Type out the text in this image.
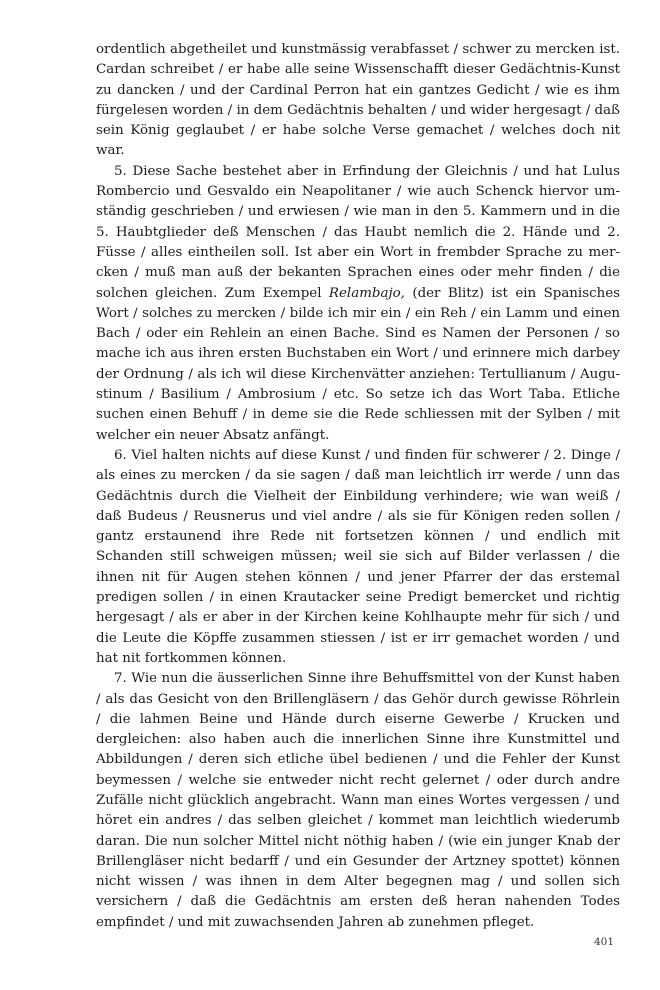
ordentlich abgetheilet und kunstmässig verabfasset / schwer zu mercken ist. Cardan schreibet / er habe alle seine Wissenschafft dieser Gedächtnis-Kunst zu dancken / und der Cardinal Perron hat ein gantzes Gedicht / wie es ihm fürgelesen worden / in dem Gedächtnis behalten / und wider hergesagt / daß sein König geglaubet / er habe solche Verse gemachet / welches doch nit war.

5. Diese Sache bestehet aber in Erfindung der Gleichnis / und hat Lulus Rombercio und Gesvaldo ein Neapolitaner / wie auch Schenck hiervor umständig geschrieben / und erwiesen / wie man in den 5. Kammern und in die 5. Haubtglieder deß Menschen / das Haubt nemlich die 2. Hände und 2. Füsse / alles eintheilen soll. Ist aber ein Wort in frembder Sprache zu mercken / muß man auß der bekanten Sprachen eines oder mehr finden / die solchen gleichen. Zum Exempel Relambajo, (der Blitz) ist ein Spanisches Wort / solches zu mercken / bilde ich mir ein / ein Reh / ein Lamm und einen Bach / oder ein Rehlein an einen Bache. Sind es Namen der Personen / so mache ich aus ihren ersten Buchstaben ein Wort / und erinnere mich darbey der Ordnung / als ich wil diese Kirchenvätter anziehen: Tertullianum / Augustinum / Basilium / Ambrosium / etc. So setze ich das Wort Taba. Etliche suchen einen Behuff / in deme sie die Rede schliessen mit der Sylben / mit welcher ein neuer Absatz anfängt.

6. Viel halten nichts auf diese Kunst / und finden für schwerer / 2. Dinge / als eines zu mercken / da sie sagen / daß man leichtlich irr werde / unn das Gedächtnis durch die Vielheit der Einbildung verhindere; wie wan weiß / daß Budeus / Reusnerus und viel andre / als sie für Königen reden sollen / gantz erstaunend ihre Rede nit fortsetzen können / und endlich mit Schanden still schweigen müssen; weil sie sich auf Bilder verlassen / die ihnen nit für Augen stehen können / und jener Pfarrer der das erstemal predigen sollen / in einen Krautacker seine Predigt bemercket und richtig hergesagt / als er aber in der Kirchen keine Kohlhaupte mehr für sich / und die Leute die Köpffe zusammen stiessen / ist er irr gemachet worden / und hat nit fortkommen können.

7. Wie nun die äusserlichen Sinne ihre Behuffsmittel von der Kunst haben / als das Gesicht von den Brillengläsern / das Gehör durch gewisse Röhrlein / die lahmen Beine und Hände durch eiserne Gewerbe / Krucken und dergleichen: also haben auch die innerlichen Sinne ihre Kunstmittel und Abbildungen / deren sich etliche übel bedienen / und die Fehler der Kunst beymessen / welche sie entweder nicht recht gelernet / oder durch andre Zufälle nicht glücklich angebracht. Wann man eines Wortes vergessen / und höret ein andres / das selben gleichet / kommet man leichtlich wiederumb daran. Die nun solcher Mittel nicht nöthig haben / (wie ein junger Knab der Brillengläser nicht bedarff / und ein Gesunder der Artzney spottet) können nicht wissen / was ihnen in dem Alter begegnen mag / und sollen sich versichern / daß die Gedächtnis am ersten deß heran nahenden Todes empfindet / und mit zuwachsenden Jahren ab zunehmen pfleget.

401
